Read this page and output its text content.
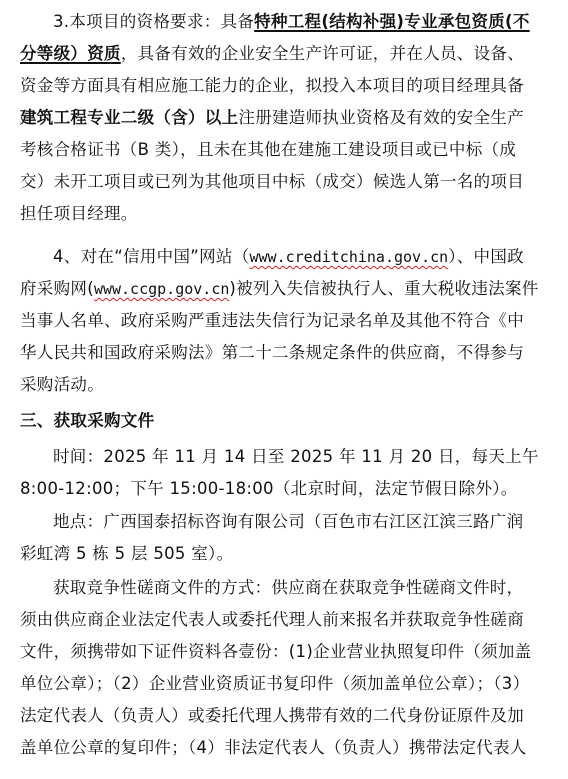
3.本项目的资格要求：具备特种工程(结构补强)专业承包资质(不
分等级）资质，具备有效的企业安全生产许可证，并在人员、设备、
资金等方面具有相应施工能力的企业，拟投入本项目的项目经理具备
建筑工程专业二级（含）以上注册建造师执业资格及有效的安全生产
考核合格证书（B 类），且未在其他在建施工建设项目或已中标（成
交）未开工项目或已列为其他项目中标（成交）候选人第一名的项目
担任项目经理。
4、对在“信用中国”网站（www.creditchina.gov.cn）、中国政
府采购网(www.ccgp.gov.cn)被列入失信被执行人、重大税收违法案件
当事人名单、政府采购严重违法失信行为记录名单及其他不符合《中
华人民共和国政府采购法》第二十二条规定条件的供应商，不得参与
采购活动。
三、获取采购文件
时间：2025 年 11 月 14 日至 2025 年 11 月 20 日，每天上午
8:00-12:00；下午 15:00-18:00（北京时间，法定节假日除外）。
地点：广西国泰招标咨询有限公司（百色市右江区江滨三路广润
彩虹湾 5 栋 5 层 505 室）。
获取竞争性磋商文件的方式：供应商在获取竞争性磋商文件时，
须由供应商企业法定代表人或委托代理人前来报名并获取竞争性磋商
文件，须携带如下证件资料各壹份：(1)企业营业执照复印件（须加盖
单位公章）；（2）企业营业资质证书复印件（须加盖单位公章）；（3）
法定代表人（负责人）或委托代理人携带有效的二代身份证原件及加
盖单位公章的复印件；（4）非法定代表人（负责人）携带法定代表人
